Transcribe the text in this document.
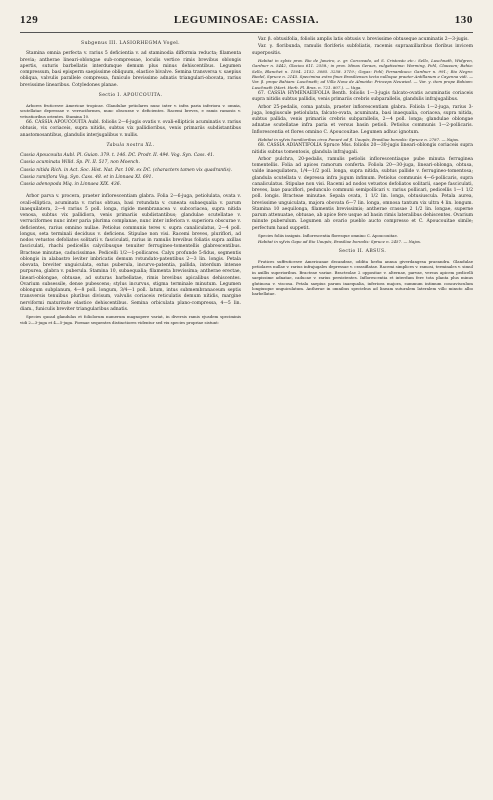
129	LEGUMINOSAE: CASSIA.	130
Subgenus III. LASIORHEGMA Vogel.

Stamina omnia perfecta v. rarius 5 deficientia v. ad staminodia difformia reducta; filamenta brevia; antherae lineari-oblongae sub-compressae, loculis vertice rimis brevibus oblongis apertis, suturis barbellatis interdumque demum plus minus dehiscentibus. Legumen compressum, basi episperm saepissime obliquum, elastice bivalve. Semina transversa v. saepius obliqua, valvulis parallele compressa, funiculo brevissimo adnatis triangulari-obovata, rarius brevissime linearibus. Cotyledones planae.

Sectio I. APOUCOUITA.

Arbores fruticesve Americae tropicae. Glandulae petiolares nunc inter v. infra paria inferiora v. omnia, scutellatae depressae v. verruciformes, nunc obscurae v. deficientes. Racemi breves, e ramis ramosis v. vetustioribus orientes. Stamina 10.

66. CASSIA APOUCOUITA Aubl. foliolis 2—6-jugis ovatis v. ovali-ellipticis acuminatis v. rarius obtusis, vix coriaceis, supra nitidis, subtus vix pallidioribus, venis primariis subdistantibus anastomosantibus, glandulis interjugalibus v. nullis.

Tabula nostra XL.

Cassia Apoucouita Aubl. Pl. Guian. 379. t. 146. DC. Prodr. II. 494. Vog. Syn. Cass. 41.

Cassia acuminata Willd. Sp. Pl. II. 517, non Moench.

Cassia nitida Rich. in Act. Soc. Hist. Nat. Par. 108. ex DC. (characters tamen vix quadrantis).

Cassia ramiflora Vog. Syn. Cass. 48. et in Linnaea XI. 691.

Cassia adenopoda Miq. in Linnaea XIX. 436.

Arbor parva v. procera, praeter inflorescentiam glabra. Folia 2—6-juga, petiolulata, ovata v. ovali-elliptica, acuminata v. rarius obtusa, basi rotundata v. cuneata subaequalia v. parum inaequilatera, 2—4 rarius 5 poll. longa, rigide membranacea v. subcoriacea, supra nitida venosa, subtus vix pallidiora, venis primariis subdistantibus; glandulae scutellatae v. verruciformes nunc inter paria plurima complanae, nunc inter inferiora v. superiora obscurae v. deficientes, rarius omnino nullae. Petiolus communis teres v. supra canaliculatus, 2—4 poll. longus, seta terminali deciduus v. deficiens. Stipulae non visi. Racemi breves, pluriflori, ad nodos vetustos defoliatos solitarii v. fasciculati, rarius in ramulis brevibus foliatis supra axillas fasciculati, rhachi pedicellis calycibusque tenuiter ferrugineo-tomentellis glabrescentibus. Bracteae minutae, caducissimae. Pedicelli 1/2—1-pollicares. Calyx profunde 5-fidus, segmentis oblongis in alabastro leviter imbricatis demum rotundato-patentibus 2—3 lin. longis. Petala obovata, breviter unguiculata, extus puberula, incurvo-patentia, pallida, interdum intense purpurea, glabra v. puberula. Stamina 10, subaequalia; filamenta brevissima; antherae erectae, lineari-oblongae, obtusae, ad suturas barbellatae, rimis brevibus apicalibus dehiscentes. Ovarium subsessile, dense pubescens; stylus incurvus, stigma terminale minutum. Legumen oblongum subplanum, 4—8 poll. longum, 3/4—1 poll. latum, intus submembranaceum septis transversis tenuibus pluribus divisum, valvulis coriaceis reticulatis demum nitidis, margine nerviformi maturitate elastice dehiscentibus. Semina orbiculata plano-compressa, 4—5 lin. diam., funiculis breviter triangularibus adnatis.

Species quoad glandulas et foliolorum numerum magnopere variat, in diversis ramis ejusdem speciminis vidi 2—3-juga et 4—5-juga. Formae sequentes distinctiores videntur sed vix species propriae sistunt:

Var. β. obtusifolia, foliolis amplis latis obtusis v. brevissime obtuseque acuminatis 2—3-jugis.

Var. γ. floribunda, ramulis floriferis subfoliatis, racemis supraaxillaribus floribus invicem superpositis.

Habitat in sylvis prov. Rio de Janeiro, e. gr. Corcovado, ad S. Cristovão etc.: Sello, Luschnath, Widgren, Gardner n. 5442, Glaziou 611. 2558.; in prov. Minas Geraes, vulgatissima: Warming, Pohl, Claussen; Bahia: Sello, Blanchet n. 1504. 2152. 3085. 3258. 3719.; Goyaz: Pohl; Pernambuco: Gardner n. 991.; Rio Negro: Riedel, Spruce n. 2145. Specimina extra fines Brasilienses tecta nullaque praeter Antillanum e Cayenna vidi. — Var. β. prope Bahiam: Luschnath; ad Villa Nova de Almeida: Princeps Neuwied. — Var. γ. item prope Bahiam: Luschnath (Mart. Herb. Fl. Bras. n. 721. 807.). — Vaga.

67. CASSIA HYMENAEIFOLIA Benth. foliolis 1—3-jugis falcato-ovatis acuminatis coriaceis supra nitidis subtus pallidis, venis primariis crebris subparallelis, glandulis infrajugalibus.

Arbor 25-pedalis, coma patula, praeter inflorescentiam glabra. Foliola 1—2-juga, rarius 3-juga, longiuscule petiolulata, falcato-ovata, acuminata, basi inaequalia, coriacea, supra nitida, subtus pallida, venis primariis crebris subparallelis, 2—4 poll. longa; glandulae oblongae adnatae scutellatae infra paria et versus basin petioli. Petiolus communis 1—2-pollicaris. Inflorescentia et flores omnino C. Apoucouitae. Legumen adhuc ignotum.

Habitat in sylvis humilioribus circa Panuré ad fl. Uaupés, Brasiliae borealis: Spruce n. 2787. — Najas.

68. CASSIA ADIANTIFOLIA Spruce Mss. foliolis 20—30-jugis lineari-oblongis coriaceis supra nitidis subtus tomentosis, glandula infrajugali.

Arbor pulchra, 20-pedalis, ramulis petiolis inflorescentiaque pube minuta ferruginea tomentellis. Folia ad apices ramorum conferta. Foliola 20—30-juga, lineari-oblonga, obtusa, valde inaequilatera, 1/4—1/2 poll. longa, supra nitida, subtus pallide v. ferrugineo-tomentosa; glandula scutellata v. depressa infra jugum infimum. Petiolus communis 4—6-pollicaris, supra canaliculatus. Stipulae non visi. Racemi ad nodos vetustos defoliatos solitarii, saepe fasciculati, breves, laxe pauciflori, pedunculo communi semipollicari v. rarius pollicari, pedicellis 1—1 1/2 poll. longis. Bracteae minutae. Sepala ovata, 1 1/2 lin. longa, obtusiuscula. Petala aurea, brevissime unguiculata, majora obovata 6—7 lin. longa, omnosa tantum vix ultra 4 lin. longum. Stamina 10 aequilonga, filamentis brevissimis; antherae crassae 2 1/2 lin. longae, superne parum attenuatae, obtusae, ab apice fere usque ad basin rimis lateralibus dehiscentes. Ovarium minute puberulum. Legumen ab ovario pueblo aucto compresso et C. Apoucouitae simile; perfectum haud suppetit.

Species foliis insignis. Inflorescentia floresque omnino C. Apoucouitae.

Habitat in sylvis Gapo ad Rio Uaupés, Brasiliae borealis: Spruce n. 2457. — Najas.

Sectio II. ABSUS.

Frutices suffruticesve Americanae decandrae, oddita herba annua giverdangesa praeandra. Glandulae petiolares nullae v. rarius infrajugales depressae v. crassiflatae. Racemi simplices v. ramosi, terminales v. simul in axillis superioribus. Bracteae variae. Bracteolae 2 oppositae v. alternae, parvae, versus apicem pedicelli saepissime adnatae, caducae v. rarius persistentes. Inflorescentia et interdum fere tota planta plus minus glutinosa v. viscosa. Petala saepius parum inaequalia, inferiora majora, summum intimum concavisculum longiusque unguiculatum. Antherae in omnibus speciebus ad lineam suturalem lateralem villo minuto albo barbellatae.
